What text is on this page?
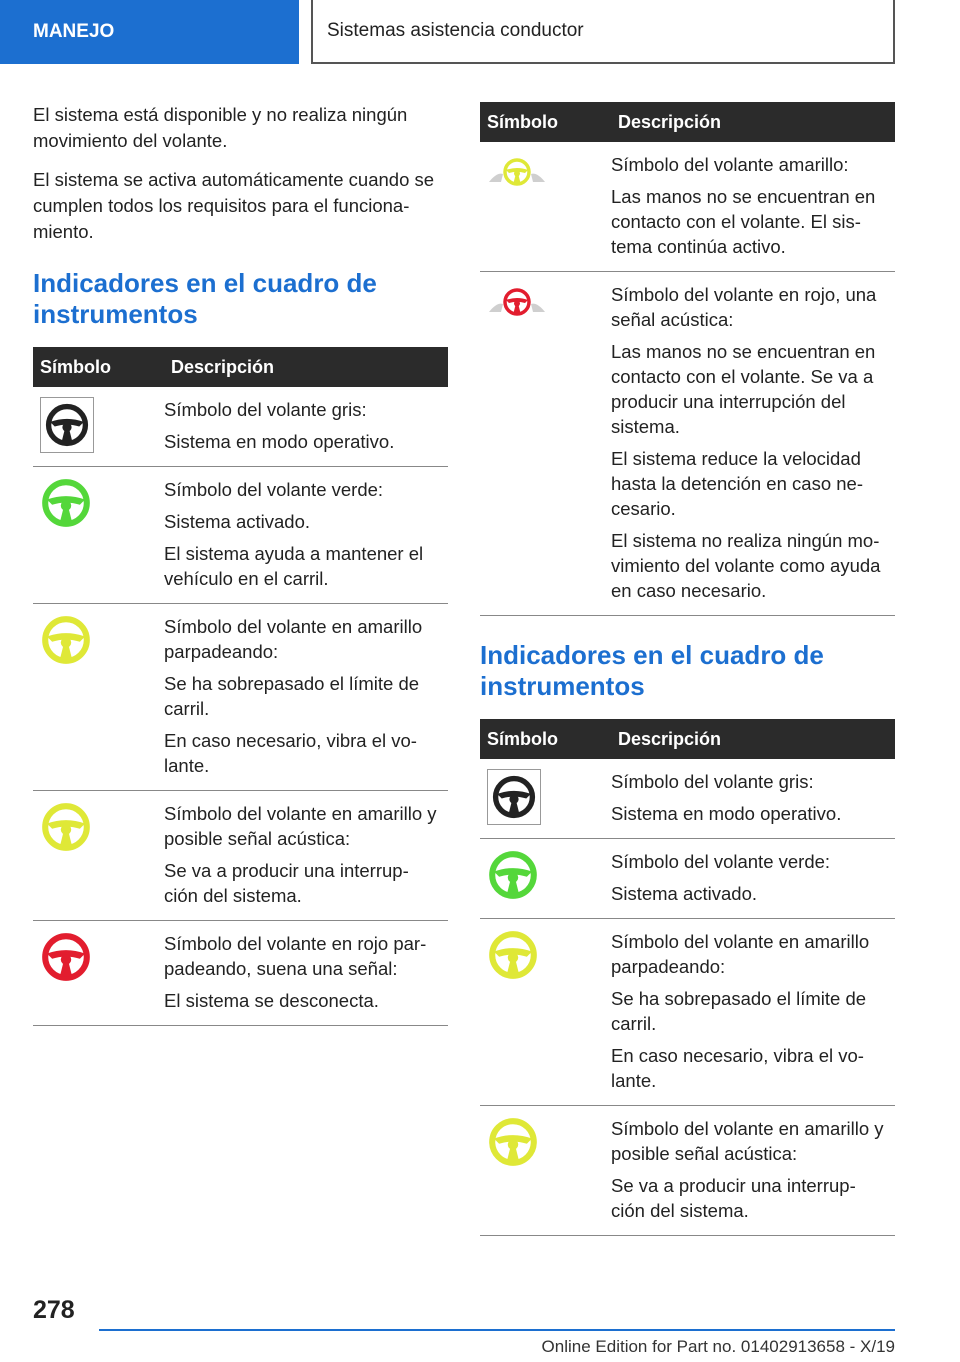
MANEJO	Sistemas asistencia conductor

El sistema está disponible y no realiza ningún movimiento del volante.

El sistema se activa automáticamente cuando se cumplen todos los requisitos para el funciona‐ miento.

Indicadores en el cuadro de instrumentos
Símbolo	Descripción

Símbolo del volante gris:
Sistema en modo operativo.

Símbolo del volante verde:
Sistema activado.
El sistema ayuda a mantener el vehículo en el carril.

Símbolo del volante en amarillo parpadeando:
Se ha sobrepasado el límite de carril.
En caso necesario, vibra el vo‐ lante.

Símbolo del volante en amarillo y posible señal acústica:
Se va a producir una interrup‐ ción del sistema.

Símbolo del volante en rojo par‐ padeando, suena una señal:
El sistema se desconecta.
Símbolo	Descripción

Símbolo del volante amarillo:
Las manos no se encuentran en contacto con el volante. El sis‐ tema continúa activo.

Símbolo del volante en rojo, una señal acústica:
Las manos no se encuentran en contacto con el volante. Se va a producir una interrupción del sistema.
El sistema reduce la velocidad hasta la detención en caso ne‐ cesario.
El sistema no realiza ningún mo‐ vimiento del volante como ayuda en caso necesario.
Indicadores en el cuadro de instrumentos
Símbolo	Descripción

Símbolo del volante gris:
Sistema en modo operativo.

Símbolo del volante verde:
Sistema activado.

Símbolo del volante en amarillo parpadeando:
Se ha sobrepasado el límite de carril.
En caso necesario, vibra el vo‐ lante.

Símbolo del volante en amarillo y posible señal acústica:
Se va a producir una interrup‐ ción del sistema.
278
Online Edition for Part no. 01402913658 - X/19
